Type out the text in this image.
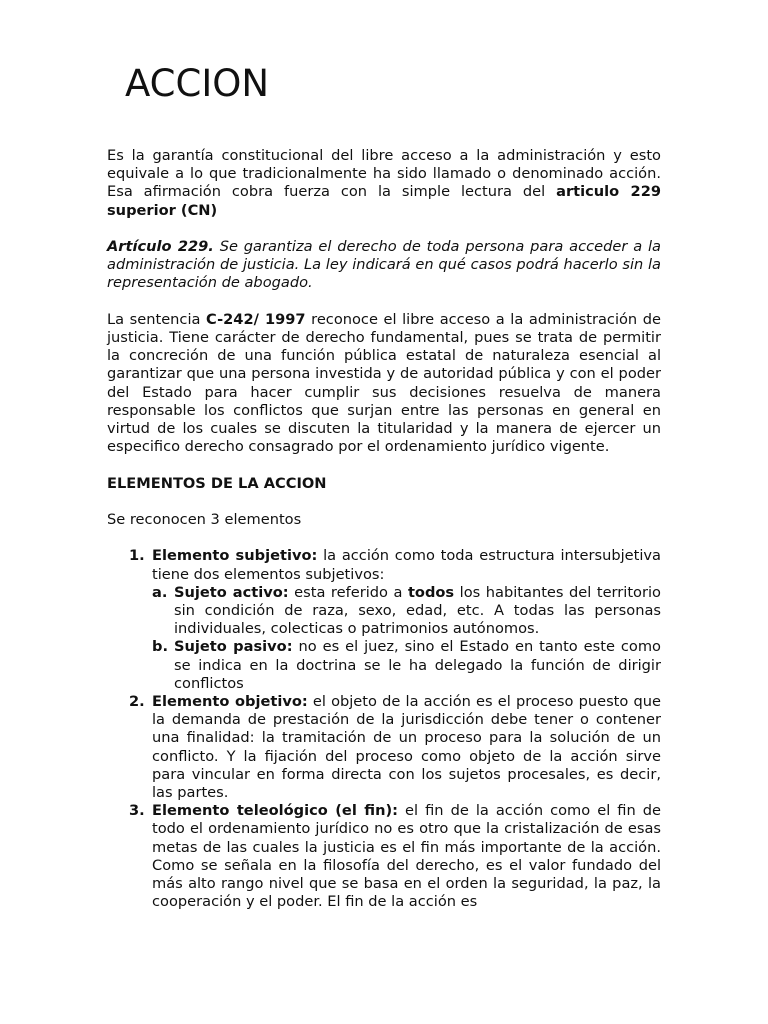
ACCION

Es la garantía constitucional del libre acceso a la administración y esto equivale a lo que tradicionalmente ha sido llamado o denominado acción. Esa afirmación cobra fuerza con la simple lectura del articulo 229 superior (CN)

Artículo 229. Se garantiza el derecho de toda persona para acceder a la administración de justicia. La ley indicará en qué casos podrá hacerlo sin la representación de abogado.

La sentencia C-242/ 1997 reconoce el libre acceso a la administración de justicia. Tiene carácter de derecho fundamental, pues se trata de permitir la concreción de una función pública estatal de naturaleza esencial al garantizar que una persona investida y de autoridad pública y con el poder del Estado para hacer cumplir sus decisiones resuelva de manera responsable los conflictos que surjan entre las personas en general en virtud de los cuales se discuten la titularidad y la manera de ejercer un especifico derecho consagrado por el ordenamiento jurídico vigente.

ELEMENTOS DE LA ACCION

Se reconocen 3 elementos

1. Elemento subjetivo: la acción como toda estructura intersubjetiva tiene dos elementos subjetivos:
a. Sujeto activo: esta referido a todos los habitantes del territorio sin condición de raza, sexo, edad, etc. A todas las personas individuales, colecticas o patrimonios autónomos.
b. Sujeto pasivo: no es el juez, sino el Estado en tanto este como se indica en la doctrina se le ha delegado la función de dirigir conflictos
2. Elemento objetivo: el objeto de la acción es el proceso puesto que la demanda de prestación de la jurisdicción debe tener o contener una finalidad: la tramitación de un proceso para la solución de un conflicto. Y la fijación del proceso como objeto de la acción sirve para vincular en forma directa con los sujetos procesales, es decir, las partes.
3. Elemento teleológico (el fin): el fin de la acción como el fin de todo el ordenamiento jurídico no es otro que la cristalización de esas metas de las cuales la justicia es el fin más importante de la acción. Como se señala en la filosofía del derecho, es el valor fundado del más alto rango nivel que se basa en el orden la seguridad, la paz, la cooperación y el poder. El fin de la acción es
